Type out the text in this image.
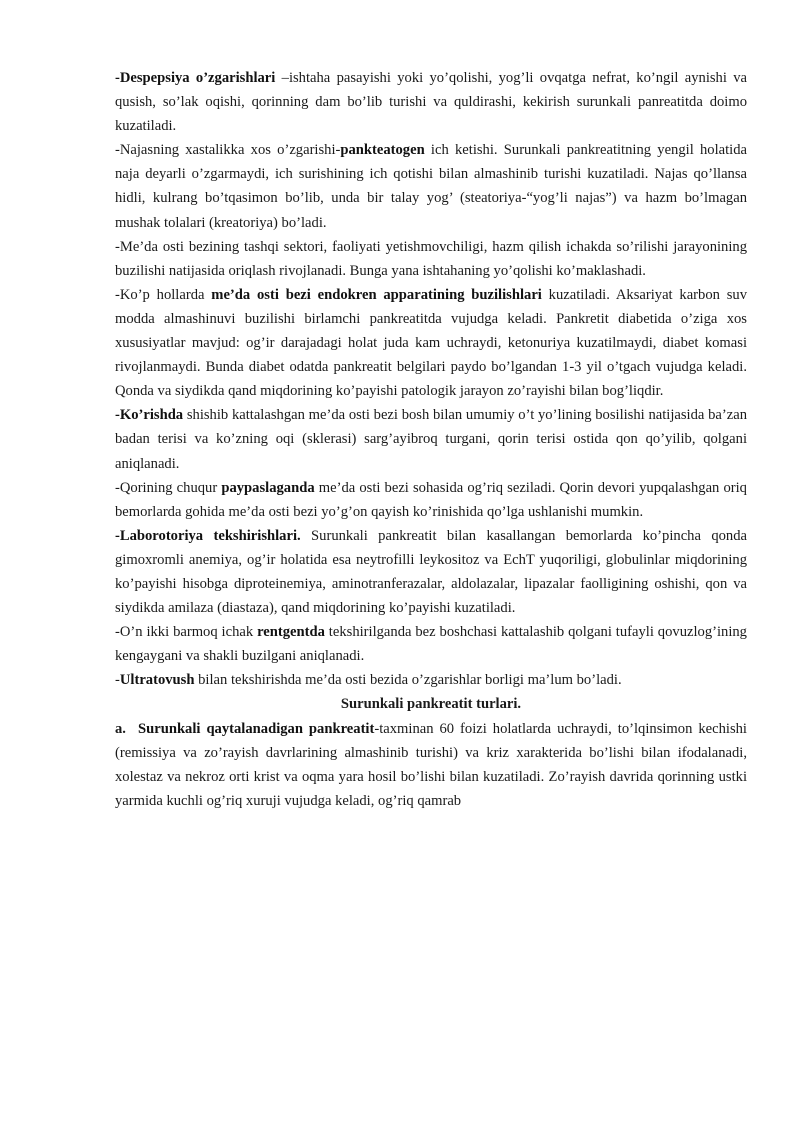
-Despepsiya o’zgarishlari –ishtaha pasayishi yoki yo’qolishi, yog’li ovqatga nefrat, ko’ngil aynishi va qusish, so’lak oqishi, qorinning dam bo’lib turishi va quldirashi, kekirish surunkali panreatitda doimo kuzatiladi.

-Najasning xastalikka xos o’zgarishi-pankteatogen ich ketishi. Surunkali pankreatitning yengil holatida naja deyarli o’zgarmaydi, ich surishining ich qotishi bilan almashinib turishi kuzatiladi. Najas qo’llansa hidli, kulrang bo’tqasimon bo’lib, unda bir talay yog’ (steatoriya-“yog’li najas”) va hazm bo’lmagan mushak tolalari (kreatoriya) bo’ladi.

-Me’da osti bezining tashqi sektori, faoliyati yetishmovchiligi, hazm qilish ichakda so’rilishi jarayonining buzilishi natijasida oriqlash rivojlanadi. Bunga yana ishtahaning yo’qolishi ko’maklashadi.

-Ko’p hollarda me’da osti bezi endokren apparatining buzilishlari kuzatiladi. Aksariyat karbon suv modda almashinuvi buzilishi birlamchi pankreatitda vujudga keladi. Pankretit diabetida o’ziga xos xususiyatlar mavjud: og’ir darajadagi holat juda kam uchraydi, ketonuriya kuzatilmaydi, diabet komasi rivojlanmaydi. Bunda diabet odatda pankreatit belgilari paydo bo’lgandan 1-3 yil o’tgach vujudga keladi. Qonda va siydikda qand miqdorining ko’payishi patologik jarayon zo’rayishi bilan bog’liqdir.

-Ko’rishda shishib kattalashgan me’da osti bezi bosh bilan umumiy o’t yo’lining bosilishi natijasida ba’zan badan terisi va ko’zning oqi (sklerasi) sarg’ayibroq turgani, qorin terisi ostida qon qo’yilib, qolgani aniqlanadi.

-Qorining chuqur paypaslaganda me’da osti bezi sohasida og’riq seziladi. Qorin devori yupqalashgan oriq bemorlarda gohida me’da osti bezi yo’g’on qayish ko’rinishida qo’lga ushlanishi mumkin.

-Laborotoriya tekshirishlari. Surunkali pankreatit bilan kasallangan bemorlarda ko’pincha qonda gimoxromli anemiya, og’ir holatida esa neytrofilli leykositoz va EchT yuqoriligi, globulinlar miqdorining ko’payishi hisobga diproteinemiya, aminotranferazalar, aldolazalar, lipazalar faolligining oshishi, qon va siydikda amilaza (diastaza), qand miqdorining ko’payishi kuzatiladi.

-O’n ikki barmoq ichak rentgentda tekshirilganda bez boshchasi kattalashib qolgani tufayli qovuzlog’ining kengaygani va shakli buzilgani aniqlanadi.

-Ultratovush bilan tekshirishda me’da osti bezida o’zgarishlar borligi ma’lum bo’ladi.

Surunkali pankreatit turlari.

a. Surunkali qaytalanadigan pankreatit-taxminan 60 foizi holatlarda uchraydi, to’lqinsimon kechishi (remissiya va zo’rayish davrlarining almashinib turishi) va kriz xarakterida bo’lishi bilan ifodalanadi, xolestaz va nekroz orti krist va oqma yara hosil bo’lishi bilan kuzatiladi. Zo’rayish davrida qorinning ustki yarmida kuchli og’riq xuruji vujudga keladi, og’riq qamrab
